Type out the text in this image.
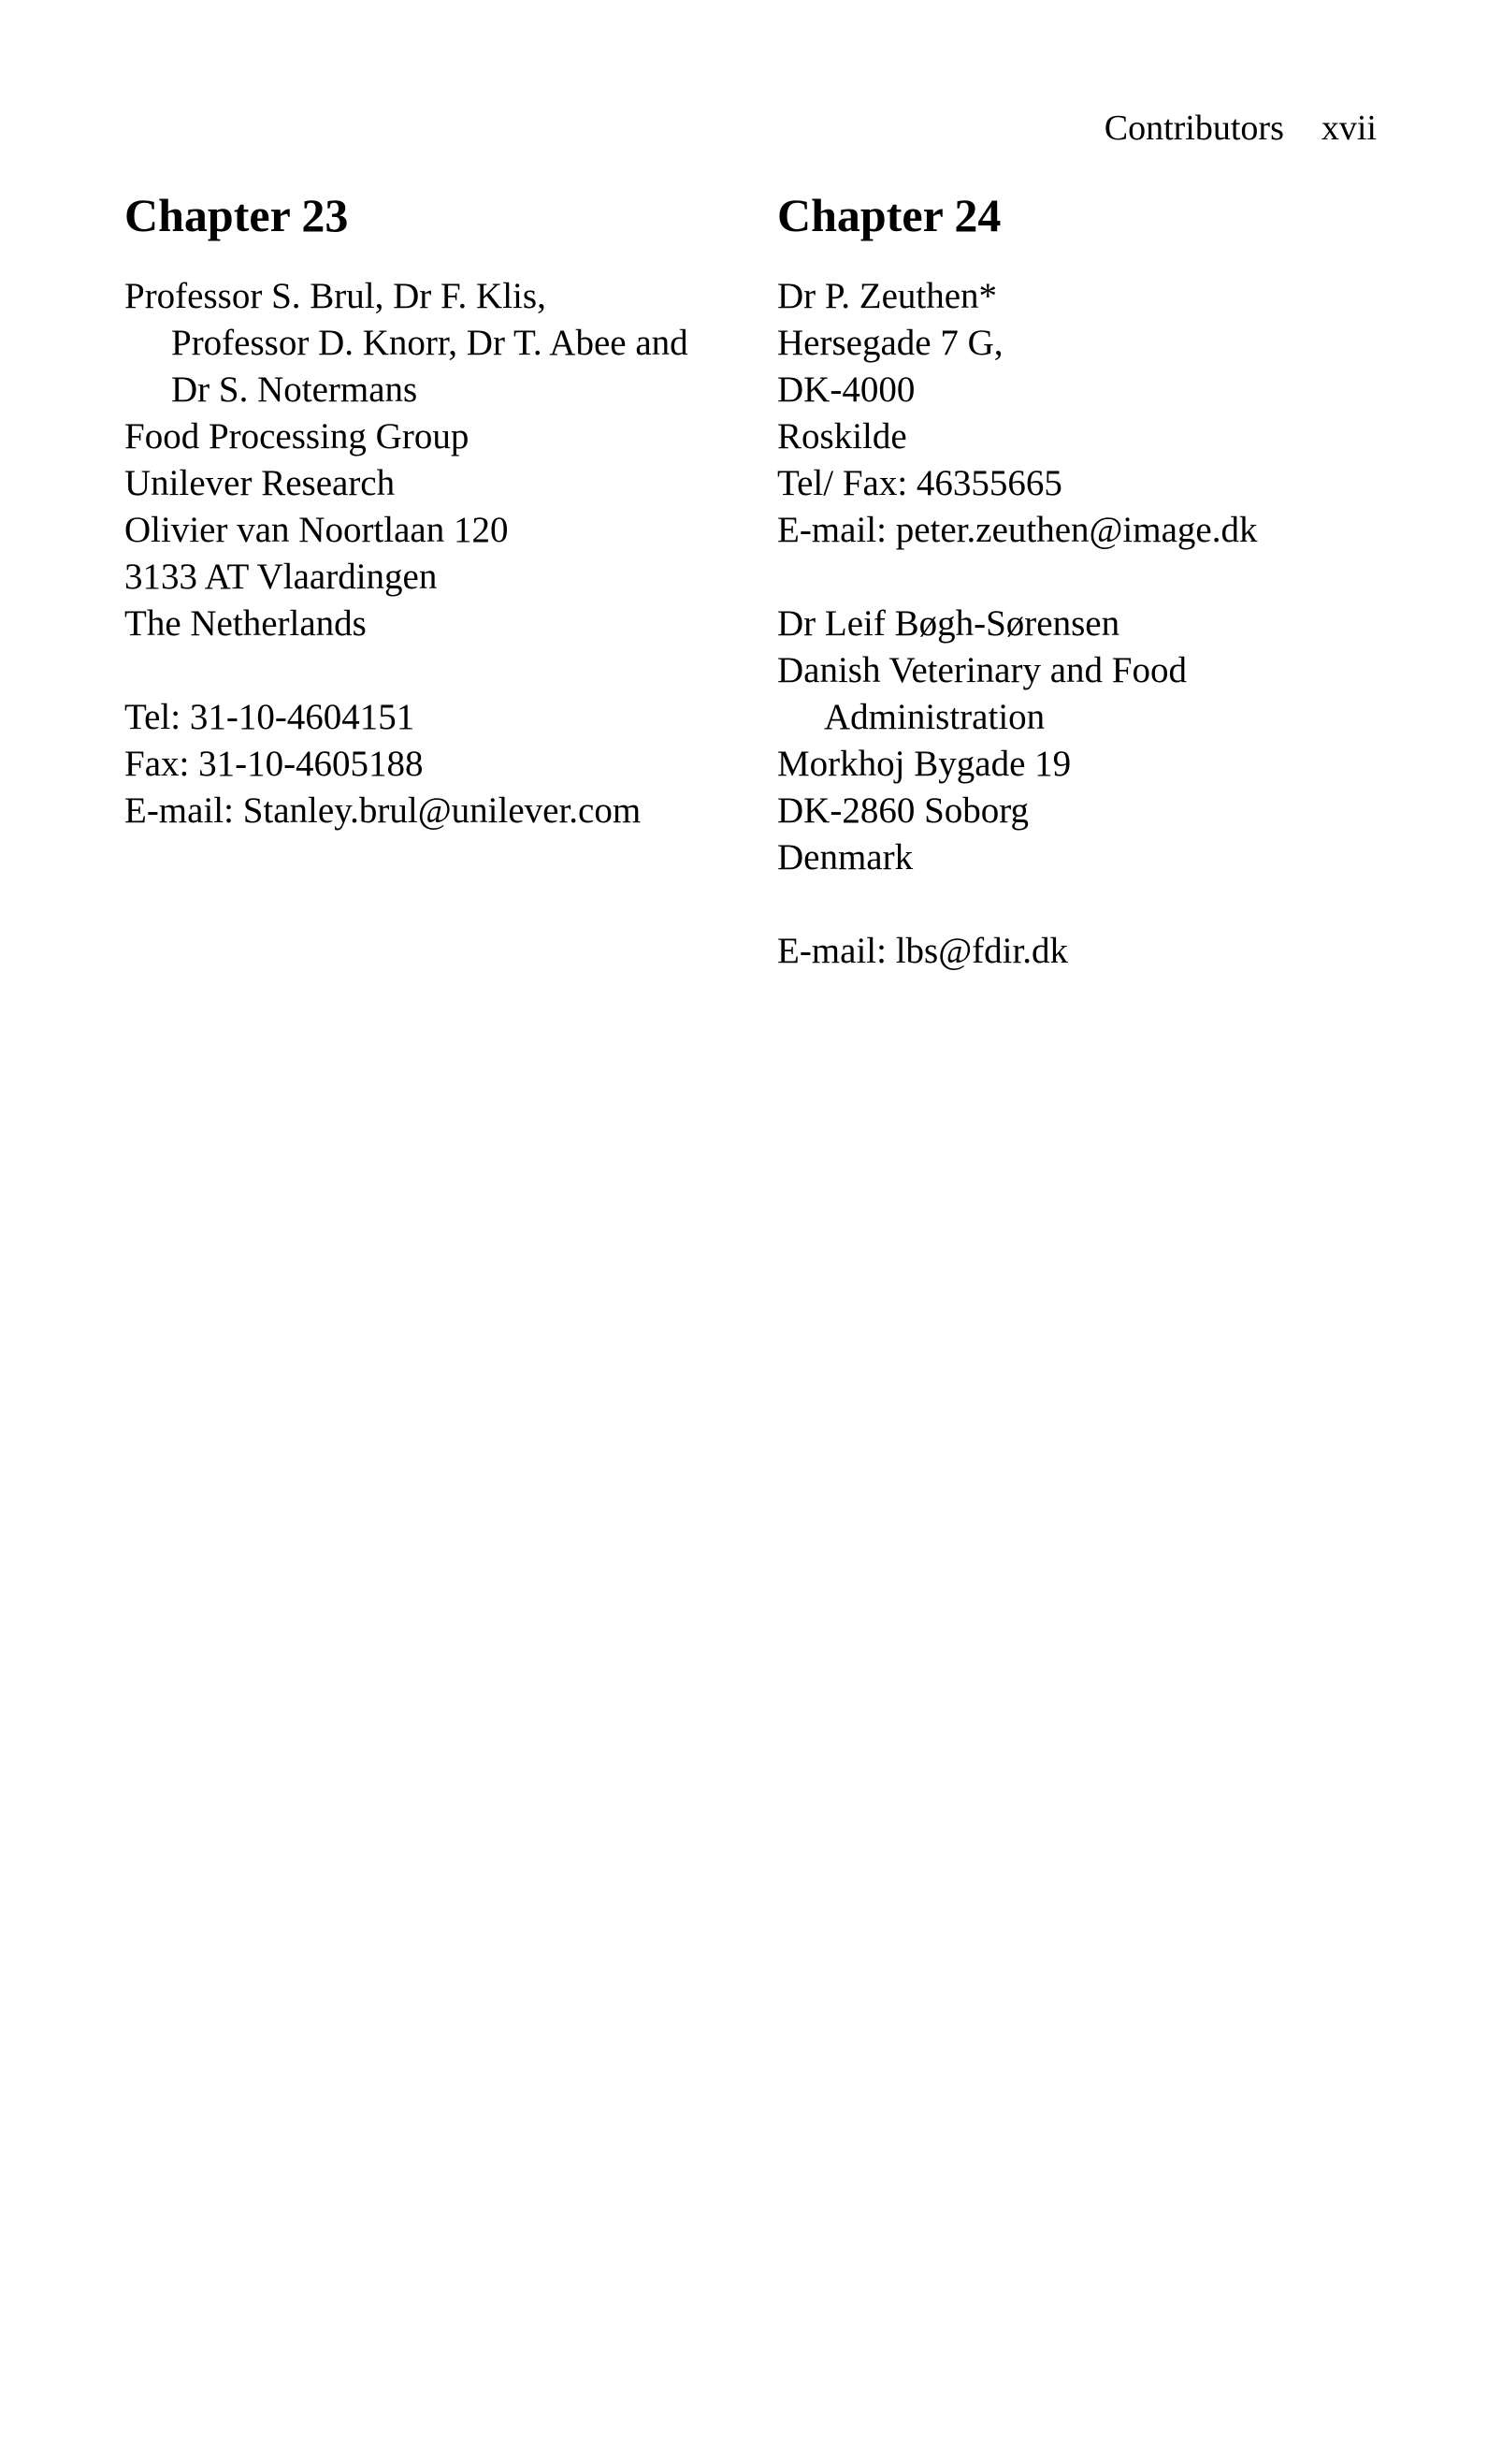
Contributors xvii
Chapter 23
Professor S. Brul, Dr F. Klis,
Professor D. Knorr, Dr T. Abee and
Dr S. Notermans
Food Processing Group
Unilever Research
Olivier van Noortlaan 120
3133 AT Vlaardingen
The Netherlands
Tel: 31-10-4604151
Fax: 31-10-4605188
E-mail: Stanley.brul@unilever.com
Chapter 24
Dr P. Zeuthen*
Hersegade 7 G,
DK-4000
Roskilde
Tel/ Fax: 46355665
E-mail: peter.zeuthen@image.dk
Dr Leif Bøgh-Sørensen
Danish Veterinary and Food
Administration
Morkhoj Bygade 19
DK-2860 Soborg
Denmark
E-mail: lbs@fdir.dk
